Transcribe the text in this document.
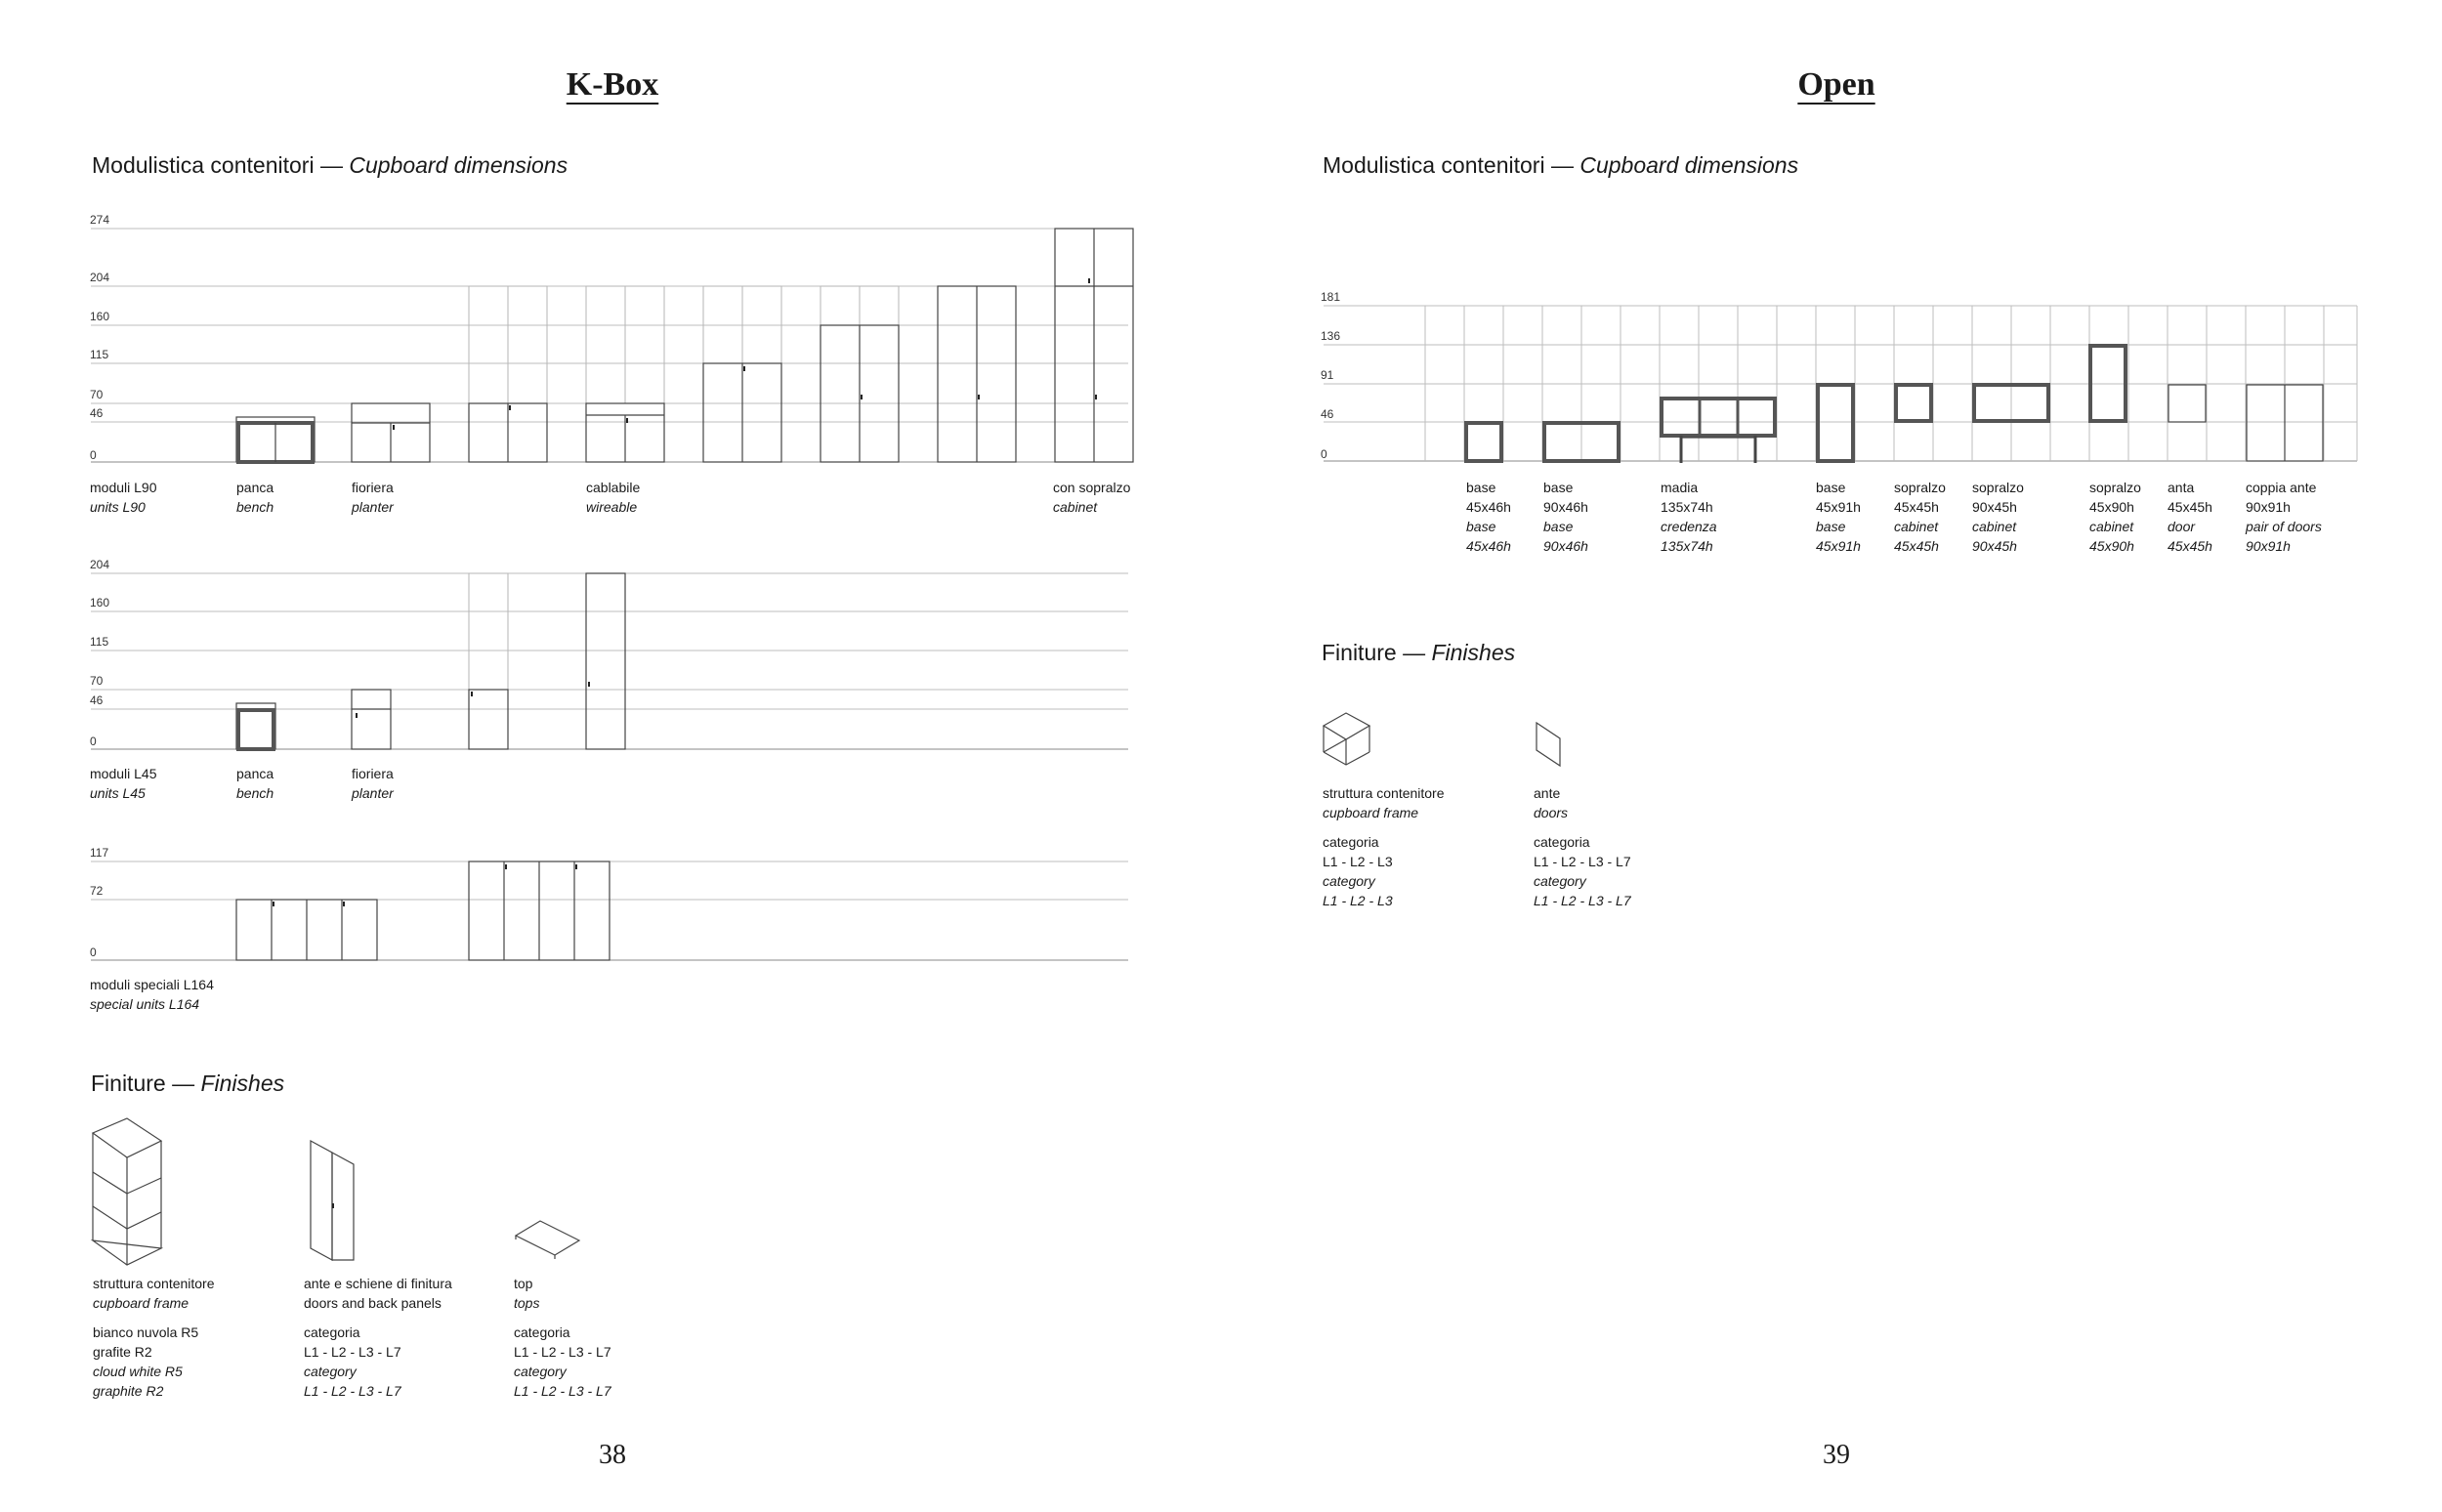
K-Box
Modulistica contenitori — Cupboard dimensions
274
204
160
115
70
46
0
moduli L90
units L90
panca
bench
fioriera
planter
cablabile
wireable
con sopralzo
cabinet
204
160
115
70
46
0
moduli L45
units L45
panca
bench
fioriera
planter
117
72
0
moduli speciali L164
special units L164
Finiture — Finishes
struttura contenitore
cupboard frame
bianco nuvola R5
grafite R2
cloud white R5
graphite R2
ante e schiene di finitura
doors and back panels
categoria
L1 - L2 - L3 - L7
category
L1 - L2 - L3 - L7
top
tops
categoria
L1 - L2 - L3 - L7
category
L1 - L2 - L3 - L7
38
Open
Modulistica contenitori — Cupboard dimensions
181
136
91
46
0
base
45x46h
base
45x46h
base
90x46h
base
90x46h
madia
135x74h
credenza
135x74h
base
45x91h
base
45x91h
sopralzo
45x45h
cabinet
45x45h
sopralzo
90x45h
cabinet
90x45h
sopralzo
45x90h
cabinet
45x90h
anta
45x45h
door
45x45h
coppia ante
90x91h
pair of doors
90x91h
Finiture — Finishes
struttura contenitore
cupboard frame
categoria
L1 - L2 - L3
category
L1 - L2 - L3
ante
doors
categoria
L1 - L2 - L3 - L7
category
L1 - L2 - L3 - L7
39
